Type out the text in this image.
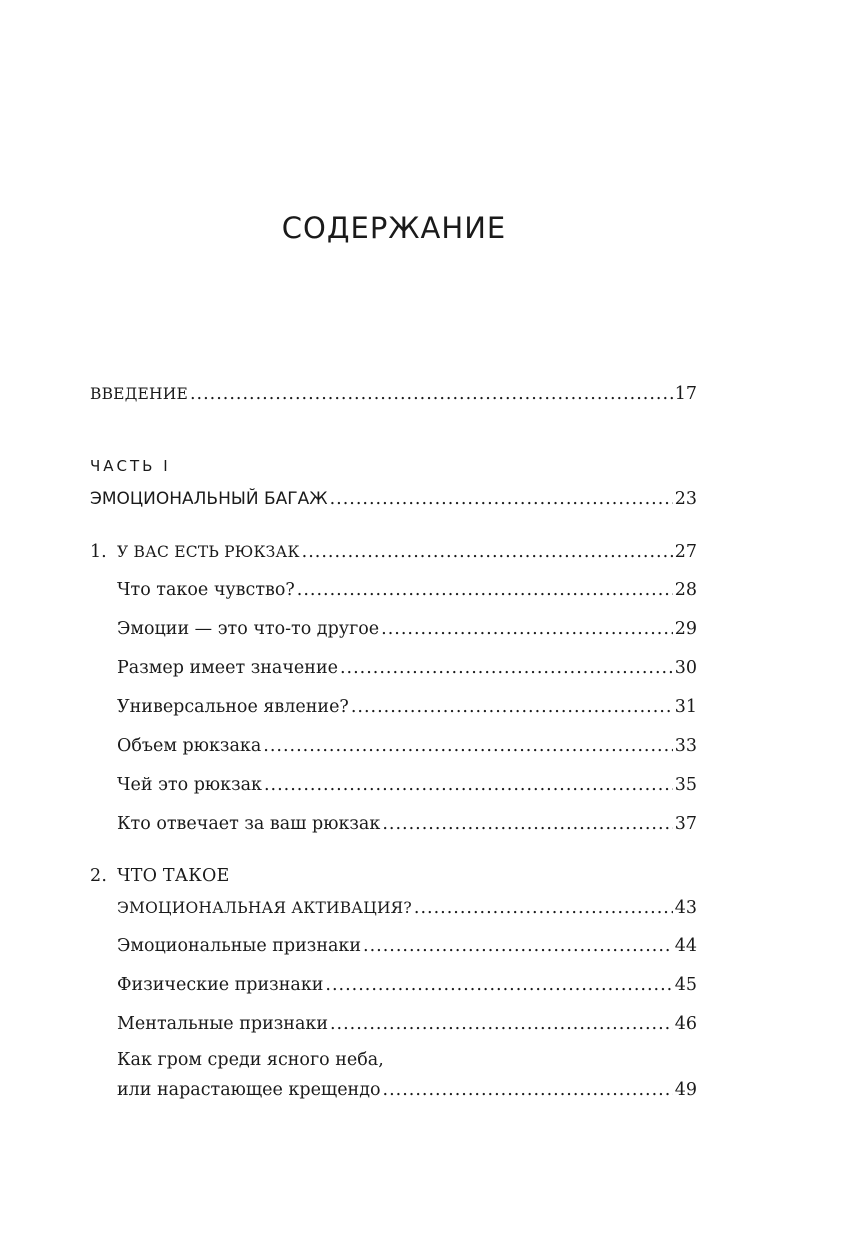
СОДЕРЖАНИЕ
ВВЕДЕНИЕ .....	17
ЧАСТЬ I
ЭМОЦИОНАЛЬНЫЙ БАГАЖ .....	23
1. У ВАС ЕСТЬ РЮКЗАК .....	27
Что такое чувство? .....	28
Эмоции — это что-то другое .....	29
Размер имеет значение .....	30
Универсальное явление? .....	31
Объем рюкзака .....	33
Чей это рюкзак .....	35
Кто отвечает за ваш рюкзак .....	37
2. ЧТО ТАКОЕ
ЭМОЦИОНАЛЬНАЯ АКТИВАЦИЯ? .....	43
Эмоциональные признаки .....	44
Физические признаки .....	45
Ментальные признаки .....	46
Как гром среди ясного неба,
или нарастающее крещендо .....	49
